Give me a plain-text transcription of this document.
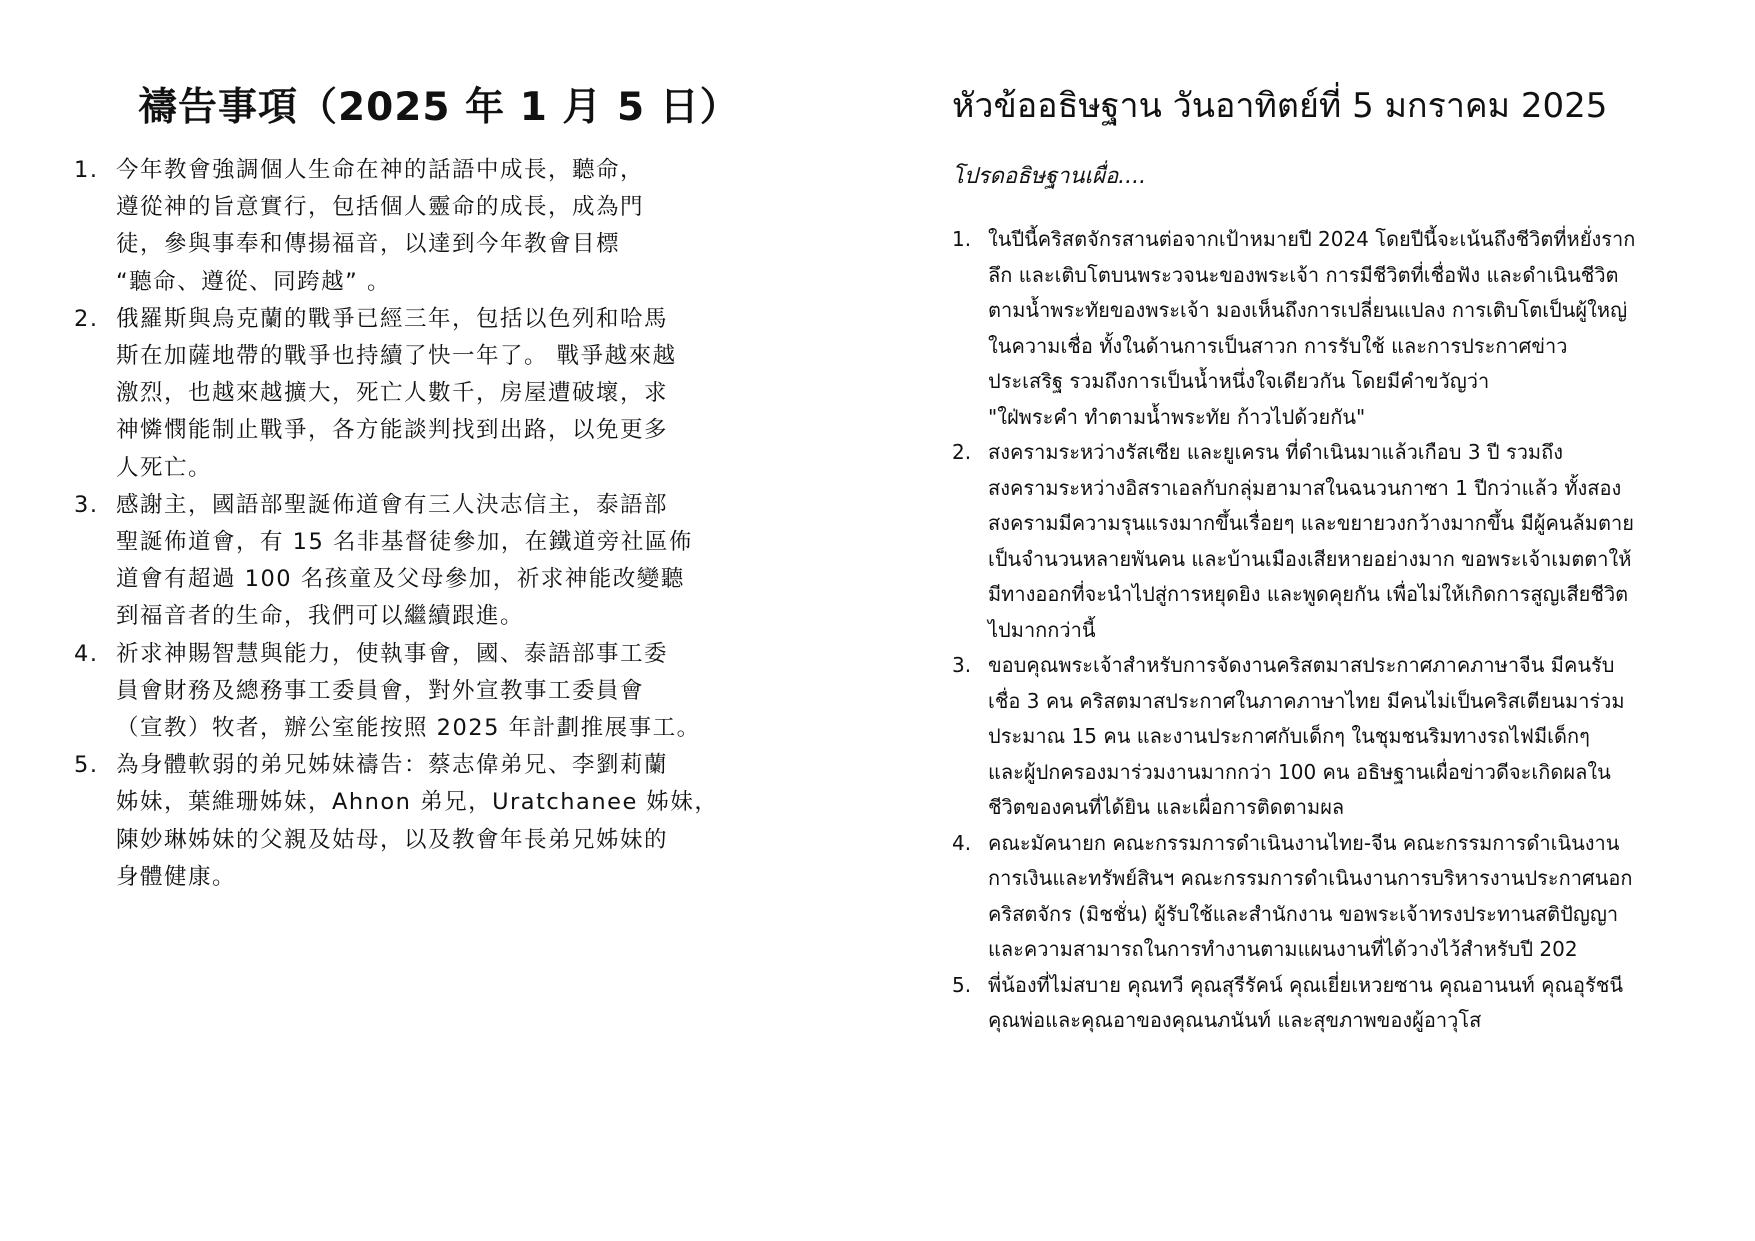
禱告事項（2025 年 1 月 5 日）
1. 今年教會強調個人生命在神的話語中成長，聽命，
遵從神的旨意實行，包括個人靈命的成長，成為門
徒，參與事奉和傳揚福音，以達到今年教會目標
“聽命、遵從、同跨越” 。
2. 俄羅斯與烏克蘭的戰爭已經三年，包括以色列和哈馬
斯在加薩地帶的戰爭也持續了快一年了。 戰爭越來越
激烈，也越來越擴大，死亡人數千，房屋遭破壞，求
神憐憫能制止戰爭，各方能談判找到出路，以免更多
人死亡。
3. 感謝主，國語部聖誕佈道會有三人決志信主，泰語部
聖誕佈道會，有 15 名非基督徒參加，在鐵道旁社區佈
道會有超過 100 名孩童及父母參加，祈求神能改變聽
到福音者的生命，我們可以繼續跟進。
4. 祈求神賜智慧與能力，使執事會，國、泰語部事工委
員會財務及總務事工委員會，對外宣教事工委員會
（宣教）牧者，辦公室能按照 2025 年計劃推展事工。
5. 為身體軟弱的弟兄姊妹禱告：蔡志偉弟兄、李劉莉蘭
姊妹，葉維珊姊妹，Ahnon 弟兄，Uratchanee 姊妹，
陳妙琳姊妹的父親及姑母，以及教會年長弟兄姊妹的
身體健康。
หัวข้ออธิษฐาน วันอาทิตย์ที่ 5 มกราคม 2025

โปรดอธิษฐานเผื่อ....

1. ในปีนี้คริสตจักรสานต่อจากเป้าหมายปี 2024 โดยปีนี้จะเน้นถึงชีวิตที่หยั่งราก
ลึก และเติบโตบนพระวจนะของพระเจ้า การมีชีวิตที่เชื่อฟัง และดำเนินชีวิต
ตามน้ำพระทัยของพระเจ้า มองเห็นถึงการเปลี่ยนแปลง การเติบโตเป็นผู้ใหญ่
ในความเชื่อ ทั้งในด้านการเป็นสาวก การรับใช้ และการประกาศข่าว
ประเสริฐ รวมถึงการเป็นน้ำหนึ่งใจเดียวกัน โดยมีคำขวัญว่า
"ใฝ่พระคำ ทำตามน้ำพระทัย ก้าวไปด้วยกัน"
2. สงครามระหว่างรัสเซีย และยูเครน ที่ดำเนินมาแล้วเกือบ 3 ปี รวมถึง
สงครามระหว่างอิสราเอลกับกลุ่มฮามาสในฉนวนกาซา 1 ปีกว่าแล้ว ทั้งสอง
สงครามมีความรุนแรงมากขึ้นเรื่อยๆ และขยายวงกว้างมากขึ้น มีผู้คนล้มตาย
เป็นจำนวนหลายพันคน และบ้านเมืองเสียหายอย่างมาก ขอพระเจ้าเมตตาให้
มีทางออกที่จะนำไปสู่การหยุดยิง และพูดคุยกัน เพื่อไม่ให้เกิดการสูญเสียชีวิต
ไปมากกว่านี้
3. ขอบคุณพระเจ้าสำหรับการจัดงานคริสตมาสประกาศภาคภาษาจีน มีคนรับ
เชื่อ 3 คน คริสตมาสประกาศในภาคภาษาไทย มีคนไม่เป็นคริสเตียนมาร่วม
ประมาณ 15 คน และงานประกาศกับเด็กๆ ในชุมชนริมทางรถไฟมีเด็กๆ
และผู้ปกครองมาร่วมงานมากกว่า 100 คน อธิษฐานเผื่อข่าวดีจะเกิดผลใน
ชีวิตของคนที่ได้ยิน และเผื่อการติดตามผล
4. คณะมัคนายก คณะกรรมการดำเนินงานไทย-จีน คณะกรรมการดำเนินงาน
การเงินและทรัพย์สินฯ คณะกรรมการดำเนินงานการบริหารงานประกาศนอก
คริสตจักร (มิชชั่น) ผู้รับใช้และสำนักงาน ขอพระเจ้าทรงประทานสติปัญญา
และความสามารถในการทำงานตามแผนงานที่ได้วางไว้สำหรับปี 202
5. พี่น้องที่ไม่สบาย คุณทวี คุณสุรีรัคน์ คุณเยี่ยเหวยซาน คุณอานนท์ คุณอุรัชนี
คุณพ่อและคุณอาของคุณนภนันท์ และสุขภาพของผู้อาวุโส
